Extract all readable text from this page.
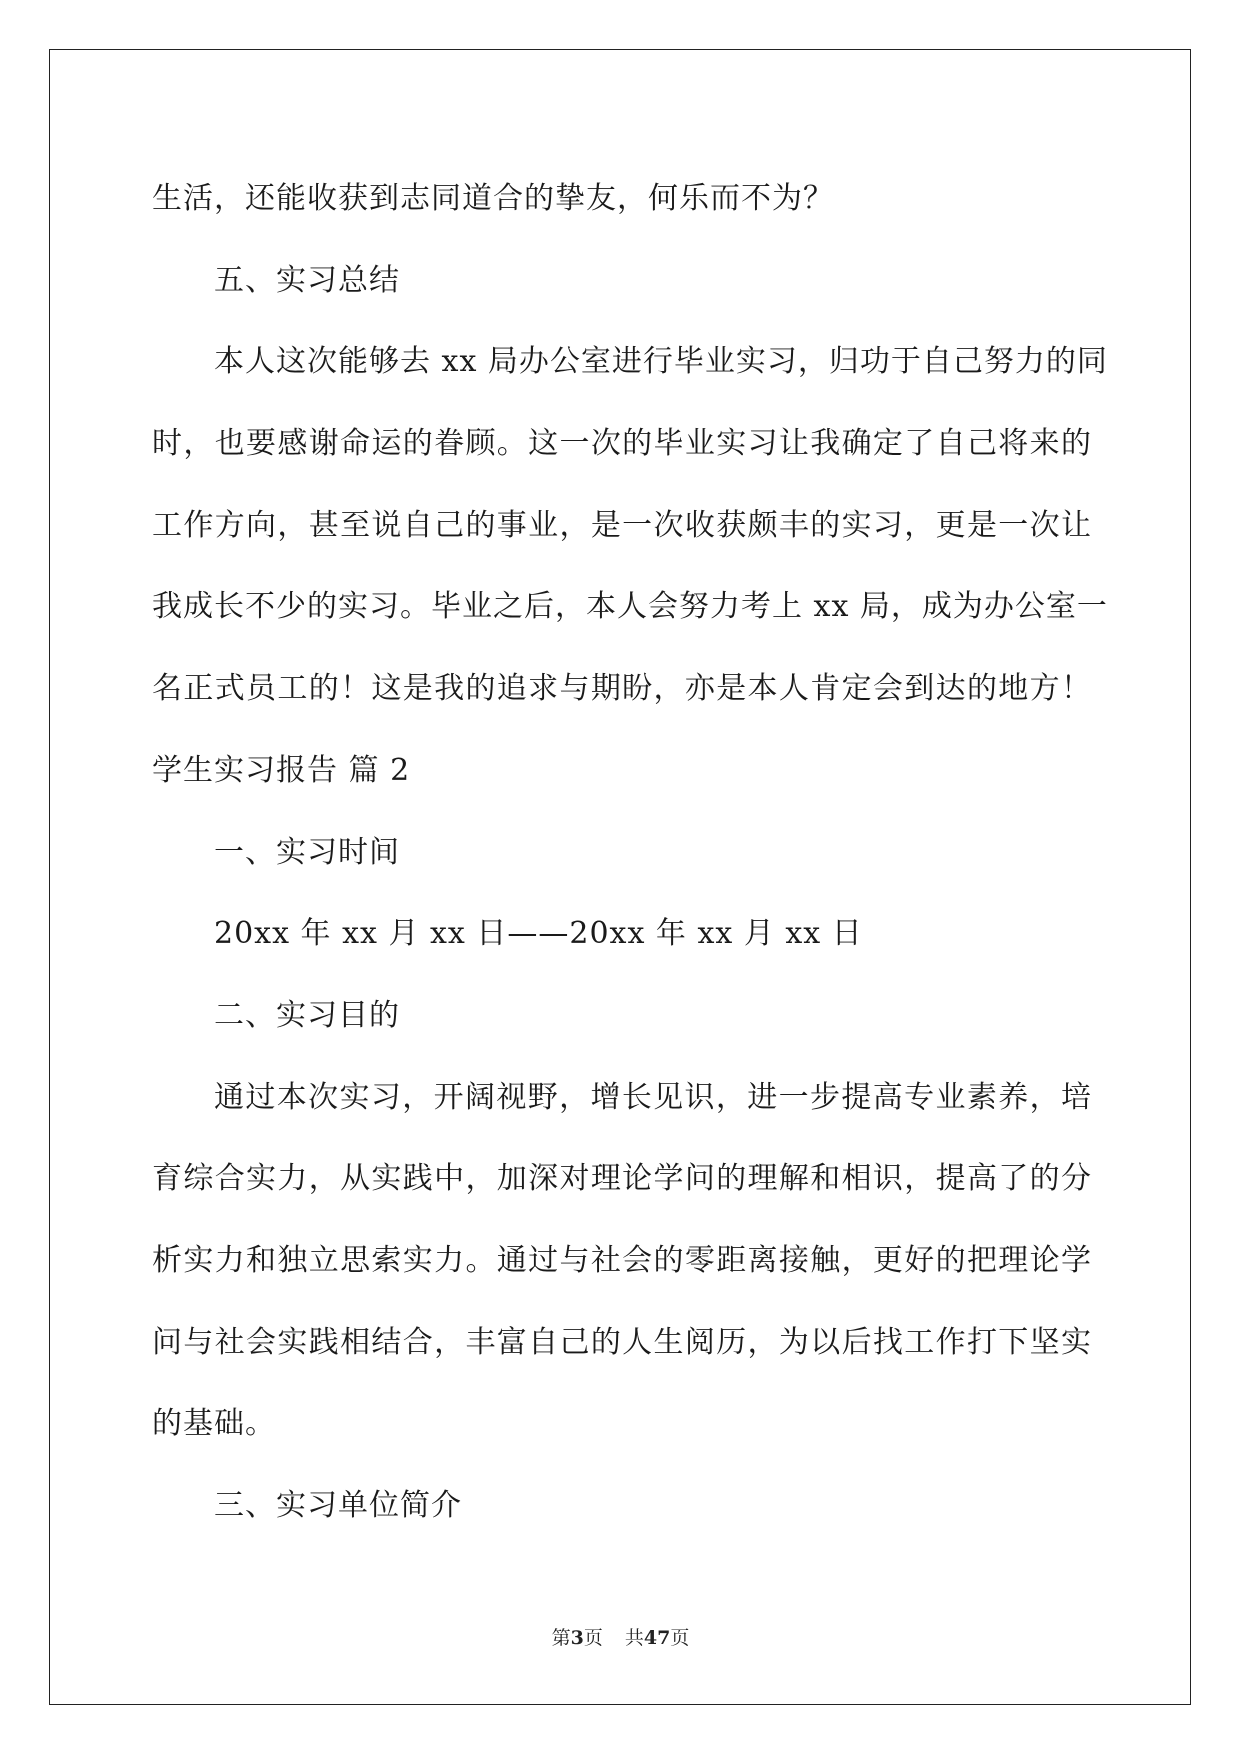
生活，还能收获到志同道合的挚友，何乐而不为？
五、实习总结
本人这次能够去 xx 局办公室进行毕业实习，归功于自己努力的同
时，也要感谢命运的眷顾。这一次的毕业实习让我确定了自己将来的
工作方向，甚至说自己的事业，是一次收获颇丰的实习，更是一次让
我成长不少的实习。毕业之后，本人会努力考上 xx 局，成为办公室一
名正式员工的！这是我的追求与期盼，亦是本人肯定会到达的地方！
学生实习报告 篇 2
一、实习时间
20xx 年 xx 月 xx 日——20xx 年 xx 月 xx 日
二、实习目的
通过本次实习，开阔视野，增长见识，进一步提高专业素养，培
育综合实力，从实践中，加深对理论学问的理解和相识，提高了的分
析实力和独立思索实力。通过与社会的零距离接触，更好的把理论学
问与社会实践相结合，丰富自己的人生阅历，为以后找工作打下坚实
的基础。
三、实习单位简介
第3页 共47页
